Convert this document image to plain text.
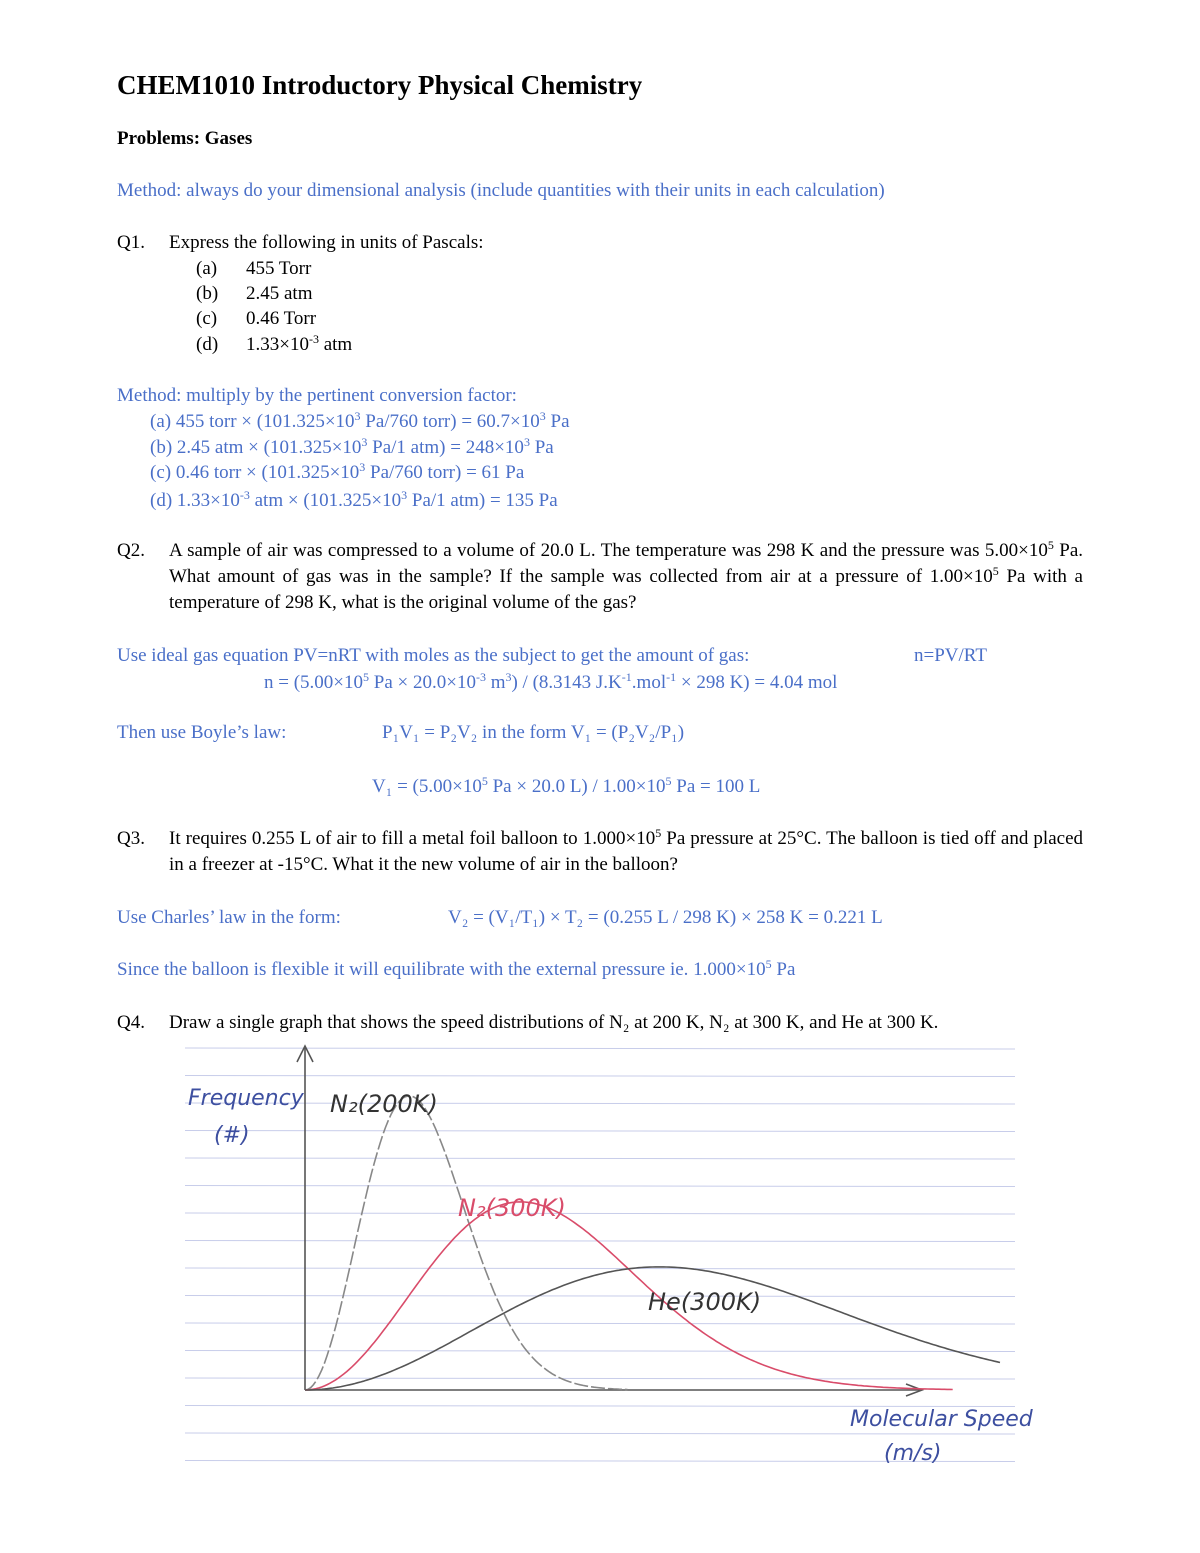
CHEM1010 Introductory Physical Chemistry
Problems: Gases
Method: always do your dimensional analysis (include quantities with their units in each calculation)
Q1. Express the following in units of Pascals:
(a) 455 Torr
(b) 2.45 atm
(c) 0.46 Torr
(d) $1.33\times 10^{-3}$ atm
Method: multiply by the pertinent conversion factor:
(a) 455 torr × ($101.325\times 10^3$ Pa/760 torr) = $60.7\times 10^3$ Pa
(b) 2.45 atm × ($101.325\times 10^3$ Pa/1 $atm) = 248\times 10^3$ Pa
(c) 0.46 torr × ($101.325\times 10^3$ Pa/760 torr) = 61 Pa
(d) $1.33\times 10^{-3}$ atm × ($101.325\times 10^3$ Pa/1 atm) = 135 Pa
Q2.	A sample of air was compressed to a volume of 20.0 L. The temperature was 298 K and the pressure was $5.00\times 10^5$ Pa. What amount of gas was in the sample? If the sample was collected from air at a pressure of $1.00\times 10^5$ Pa with a temperature of 298 K, what is the original volume of the gas?
Use ideal gas equation PV=nRT with moles as the subject to get the amount of gas:	n=PV/RT
$n = (5.00\times 10^5$ $Pa \times 20.0\times 10^{-3}$ $m^3) / (8.3143$ $J.K^{-1}.mol^{-1} \times 298$ K) = 4.04 mol
Then use Boyle’s law:	P₁V₁ = P₂V₂ in the form V₁ = (P₂V₂/P₁)
$V_1 = (5.00\times 10^5$ Pa × 20.0 $L) / 1.00\times 10^5$ Pa = 100 L
Q3.	It requires 0.255 L of air to fill a metal foil balloon to $1.000\times 10^5$ Pa pressure at 25°C. The balloon is tied off and placed in a freezer at -15°C. What it the new volume of air in the balloon?
Use Charles’ law in the form:	V₂ = (V₁/T₁) × T₂ = (0.255 L / 298 K) × 258 K = 0.221 L
Since the balloon is flexible it will equilibrate with the external pressure ie. $1.000\times 10^5$ Pa
Q4. Draw a single graph that shows the speed distributions of N₂ at 200 K, N₂ at 300 K, and He at 300 K.
N₂(200K)
N₂(300K)
He(300K)
Frequency
(#)
Molecular Speed
(m/s)
